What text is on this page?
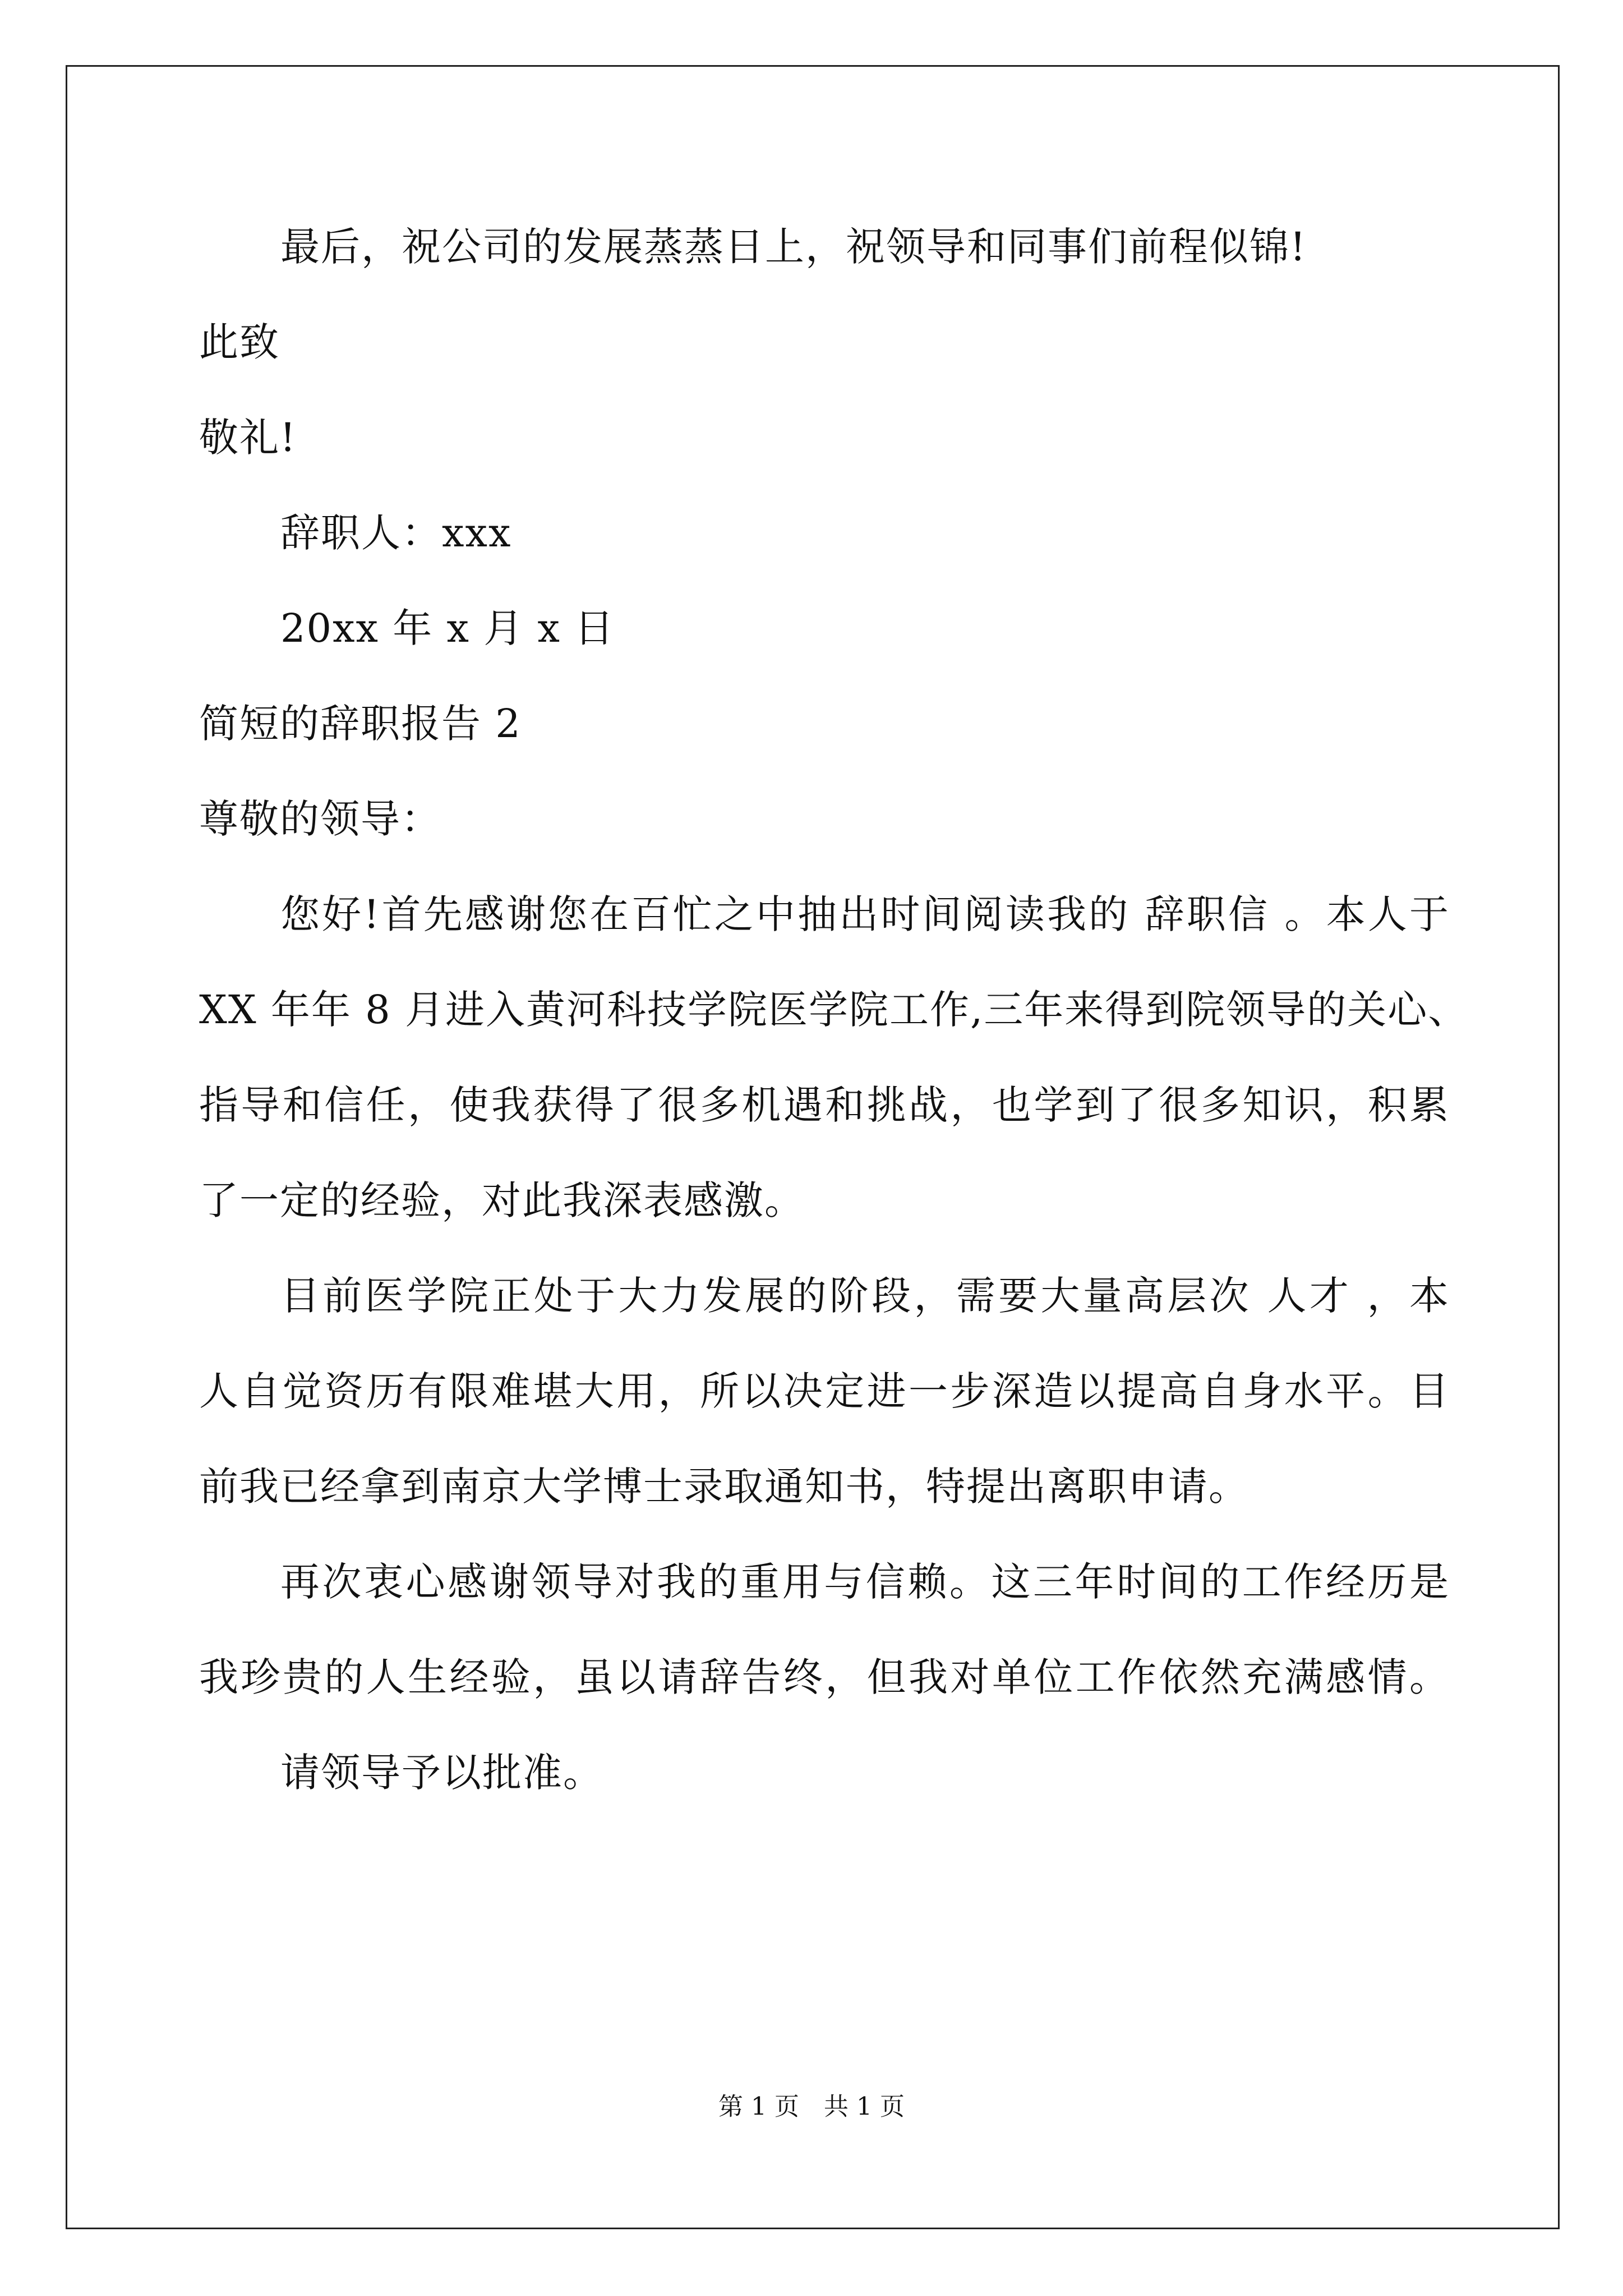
最后，祝公司的发展蒸蒸日上，祝领导和同事们前程似锦!
此致
敬礼!
辞职人：xxx
20xx 年 x 月 x 日
简短的辞职报告 2
尊敬的领导：
您好!首先感谢您在百忙之中抽出时间阅读我的 辞职信 。本人于
XX 年年 8 月进入黄河科技学院医学院工作,三年来得到院领导的关心、
指导和信任，使我获得了很多机遇和挑战，也学到了很多知识，积累
了一定的经验，对此我深表感激。
目前医学院正处于大力发展的阶段，需要大量高层次 人才 ，本
人自觉资历有限难堪大用，所以决定进一步深造以提高自身水平。目
前我已经拿到南京大学博士录取通知书，特提出离职申请。
再次衷心感谢领导对我的重用与信赖。这三年时间的工作经历是
我珍贵的人生经验，虽以请辞告终，但我对单位工作依然充满感情。
请领导予以批准。
第 1 页　共 1 页
